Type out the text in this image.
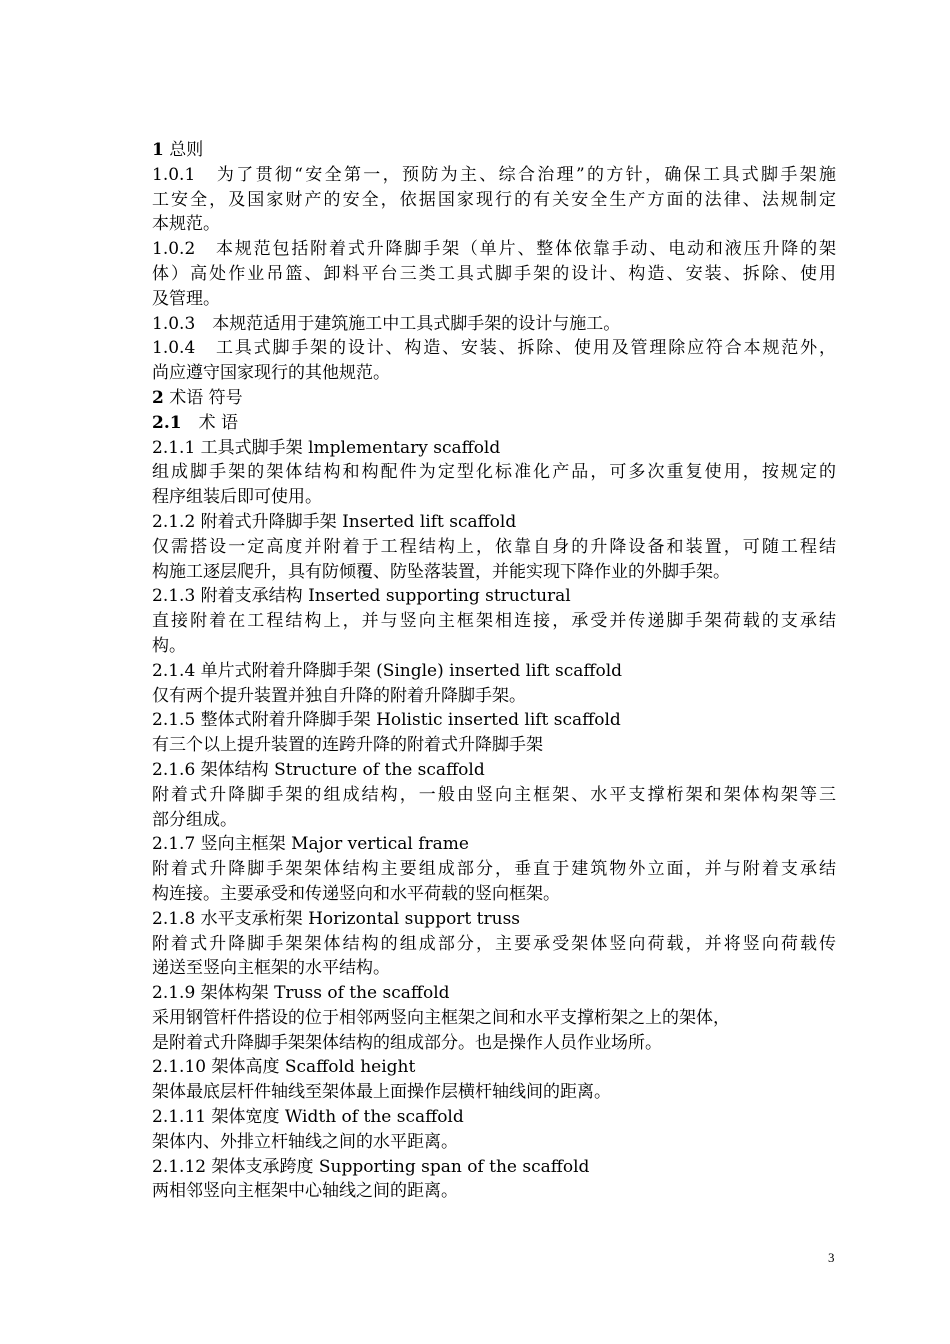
1 总则
1.0.1　为了贯彻“安全第一，预防为主、综合治理”的方针，确保工具式脚手架施
工安全，及国家财产的安全，依据国家现行的有关安全生产方面的法律、法规制定
本规范。
1.0.2　本规范包括附着式升降脚手架（单片、整体依靠手动、电动和液压升降的架
体）高处作业吊篮、卸料平台三类工具式脚手架的设计、构造、安装、拆除、使用
及管理。
1.0.3　本规范适用于建筑施工中工具式脚手架的设计与施工。
1.0.4　工具式脚手架的设计、构造、安装、拆除、使用及管理除应符合本规范外，
尚应遵守国家现行的其他规范。
2 术语 符号
2.1　术 语
2.1.1 工具式脚手架 lmplementary scaffold
组成脚手架的架体结构和构配件为定型化标准化产品，可多次重复使用，按规定的
程序组装后即可使用。
2.1.2 附着式升降脚手架 Inserted lift scaffold
仅需搭设一定高度并附着于工程结构上，依靠自身的升降设备和装置，可随工程结
构施工逐层爬升，具有防倾覆、防坠落装置，并能实现下降作业的外脚手架。
2.1.3 附着支承结构 Inserted supporting structural
直接附着在工程结构上，并与竖向主框架相连接，承受并传递脚手架荷载的支承结
构。
2.1.4 单片式附着升降脚手架 (Single) inserted lift scaffold
仅有两个提升装置并独自升降的附着升降脚手架。
2.1.5 整体式附着升降脚手架 Holistic inserted lift scaffold
有三个以上提升装置的连跨升降的附着式升降脚手架
2.1.6 架体结构 Structure of the scaffold
附着式升降脚手架的组成结构，一般由竖向主框架、水平支撑桁架和架体构架等三
部分组成。
2.1.7 竖向主框架 Major vertical frame
附着式升降脚手架架体结构主要组成部分，垂直于建筑物外立面，并与附着支承结
构连接。主要承受和传递竖向和水平荷载的竖向框架。
2.1.8 水平支承桁架 Horizontal support truss
附着式升降脚手架架体结构的组成部分，主要承受架体竖向荷载，并将竖向荷载传
递送至竖向主框架的水平结构。
2.1.9 架体构架 Truss of the scaffold
采用钢管杆件搭设的位于相邻两竖向主框架之间和水平支撑桁架之上的架体，
是附着式升降脚手架架体结构的组成部分。也是操作人员作业场所。
2.1.10 架体高度 Scaffold height
架体最底层杆件轴线至架体最上面操作层横杆轴线间的距离。
2.1.11 架体宽度 Width of the scaffold
架体内、外排立杆轴线之间的水平距离。
2.1.12 架体支承跨度 Supporting span of the scaffold
两相邻竖向主框架中心轴线之间的距离。
3
